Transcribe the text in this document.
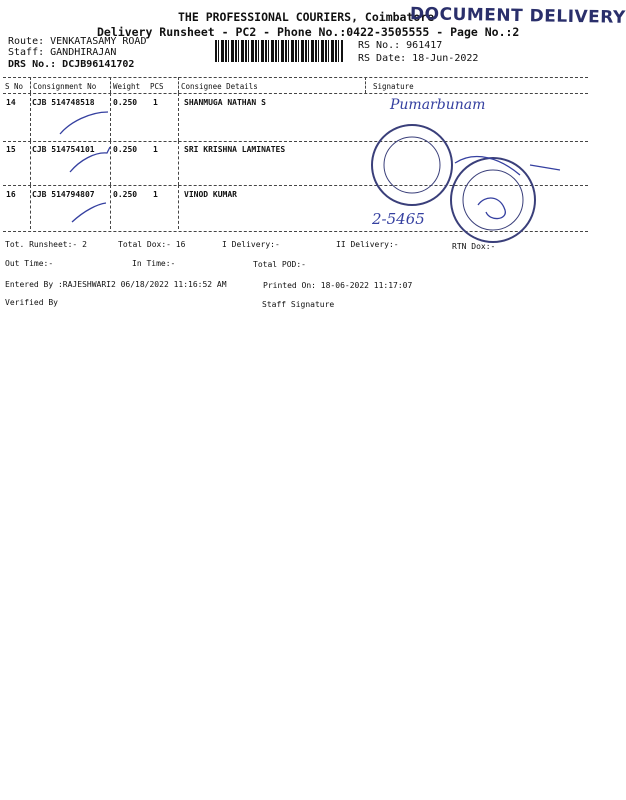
THE PROFESSIONAL COURIERS, Coimbatore
Delivery Runsheet - PC2 - Phone No.:0422-3505555 - Page No.:2
DOCUMENT DELIVERY
Route: VENKATASAMY ROAD
Staff: GANDHIRAJAN
DRS No.: DCJB96141702
RS No.: 961417
RS Date: 18-Jun-2022
S No Consignment No Weight PCS Consignee Details	Signature
14 CJB 514748518 0.250 1	SHANMUGA NATHAN S	Pumarbunam
15 CJB 514754101 0.250 1	SRI KRISHNA LAMINATES
16 CJB 514794807 0.250 1	VINOD KUMAR
2-5465
Tot. Runsheet:- 2	Total Dox:- 16	I Delivery:-	II Delivery:-	RTN Dox:-
Out Time:-	In Time:-	Total POD:-
Entered By :RAJESHWARI2 06/18/2022 11:16:52 AM	Printed On: 18-06-2022 11:17:07
Verified By	Staff Signature
